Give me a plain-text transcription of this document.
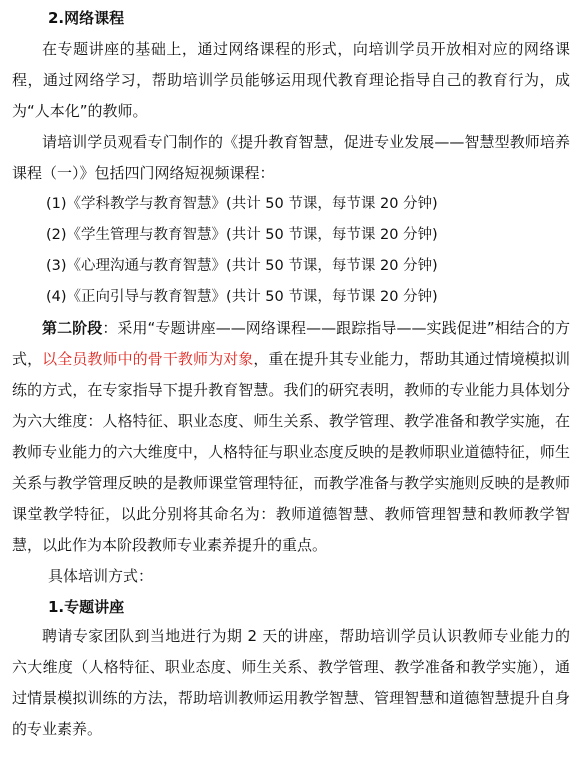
2.网络课程

在专题讲座的基础上，通过网络课程的形式，向培训学员开放相对应的网络课程，通过网络学习，帮助培训学员能够运用现代教育理论指导自己的教育行为，成为“人本化”的教师。

请培训学员观看专门制作的《提升教育智慧，促进专业发展——智慧型教师培养课程（一）》包括四门网络短视频课程：

(1)《学科教学与教育智慧》(共计 50 节课，每节课 20 分钟)

(2)《学生管理与教育智慧》(共计 50 节课，每节课 20 分钟)

(3)《心理沟通与教育智慧》(共计 50 节课，每节课 20 分钟)

(4)《正向引导与教育智慧》(共计 50 节课，每节课 20 分钟)

第二阶段：采用“专题讲座——网络课程——跟踪指导——实践促进”相结合的方式，以全员教师中的骨干教师为对象，重在提升其专业能力，帮助其通过情境模拟训练的方式，在专家指导下提升教育智慧。我们的研究表明，教师的专业能力具体划分为六大维度：人格特征、职业态度、师生关系、教学管理、教学准备和教学实施，在教师专业能力的六大维度中，人格特征与职业态度反映的是教师职业道德特征，师生关系与教学管理反映的是教师课堂管理特征，而教学准备与教学实施则反映的是教师课堂教学特征，以此分别将其命名为：教师道德智慧、教师管理智慧和教师教学智慧，以此作为本阶段教师专业素养提升的重点。

具体培训方式：

1.专题讲座

聘请专家团队到当地进行为期 2 天的讲座，帮助培训学员认识教师专业能力的六大维度（人格特征、职业态度、师生关系、教学管理、教学准备和教学实施），通过情景模拟训练的方法，帮助培训教师运用教学智慧、管理智慧和道德智慧提升自身的专业素养。
